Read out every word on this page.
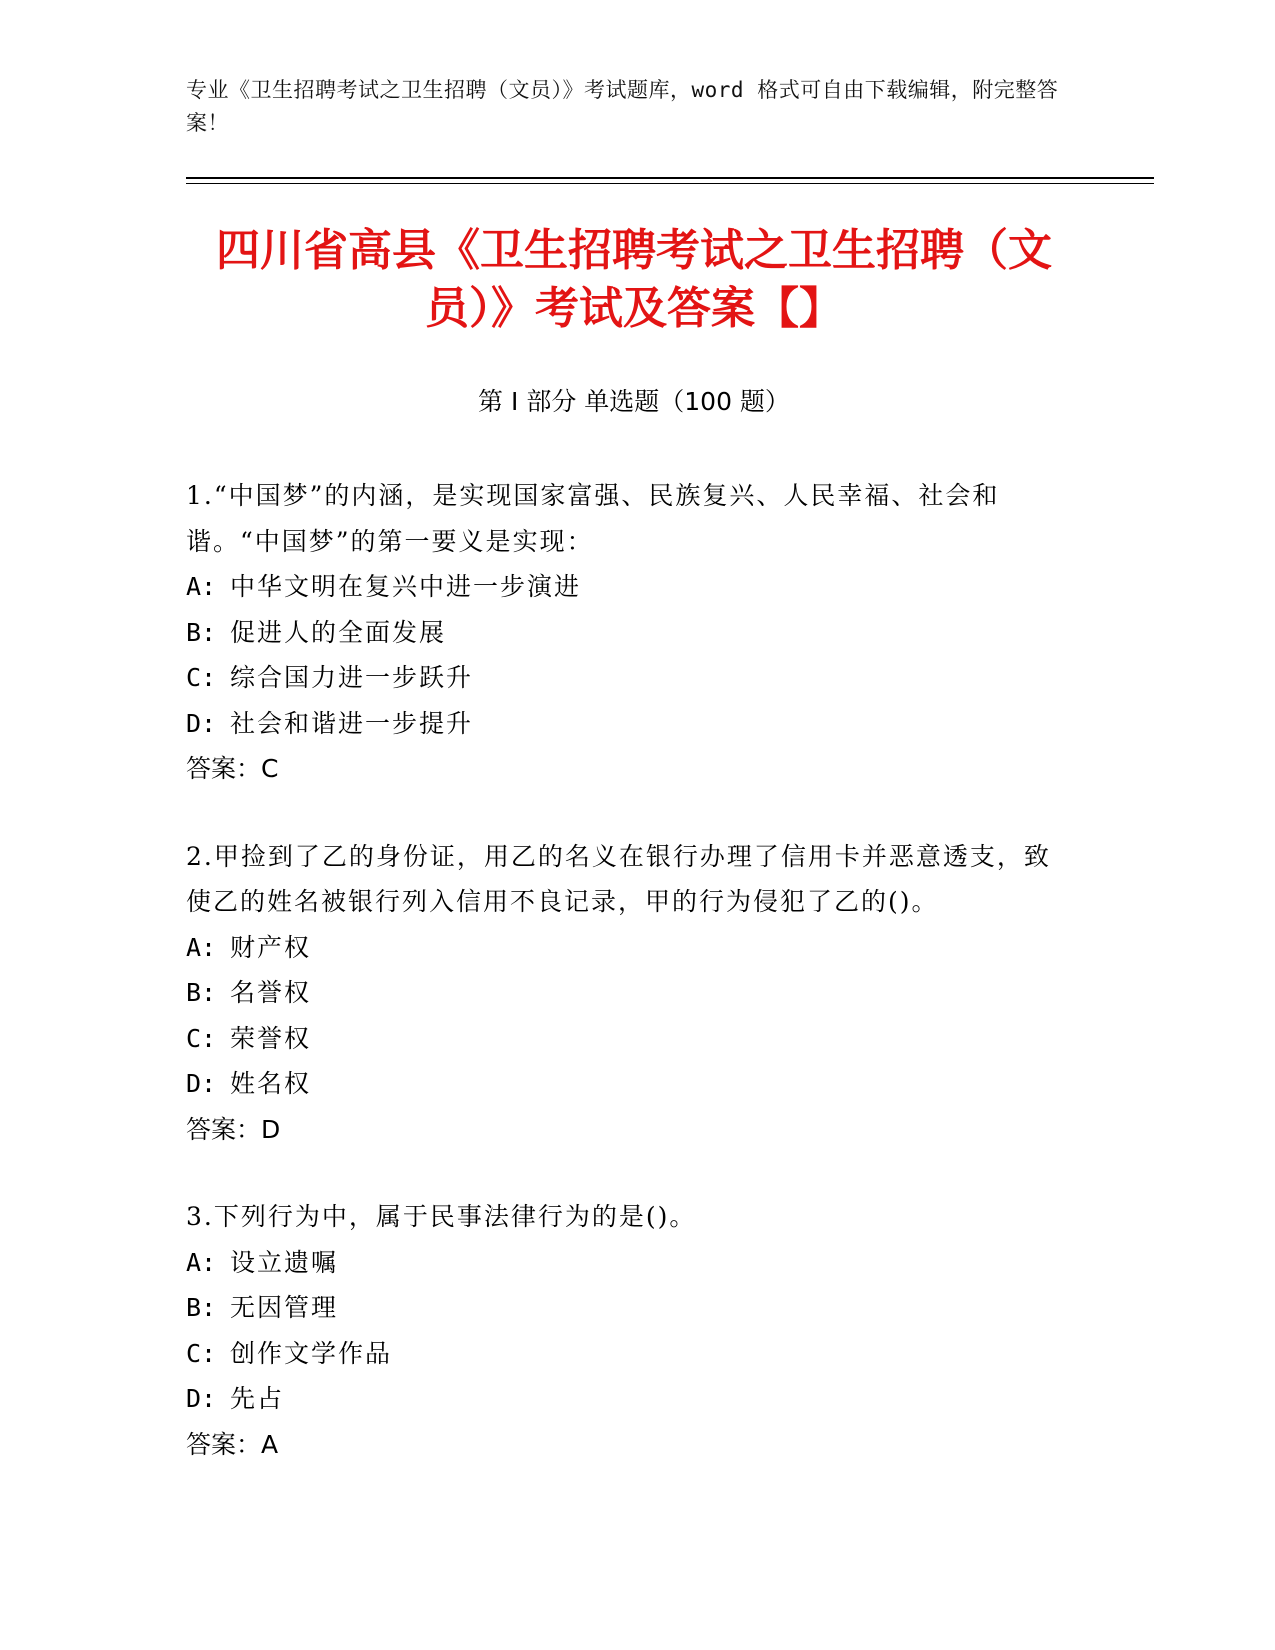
专业《卫生招聘考试之卫生招聘（文员）》考试题库，word 格式可自由下载编辑，附完整答案！
四川省高县《卫生招聘考试之卫生招聘（文员）》考试及答案【】
第 I 部分 单选题（100 题）
1.“中国梦”的内涵，是实现国家富强、民族复兴、人民幸福、社会和谐。“中国梦”的第一要义是实现：
A: 中华文明在复兴中进一步演进
B: 促进人的全面发展
C: 综合国力进一步跃升
D: 社会和谐进一步提升
答案：C
2.甲捡到了乙的身份证，用乙的名义在银行办理了信用卡并恶意透支，致使乙的姓名被银行列入信用不良记录，甲的行为侵犯了乙的()。
A: 财产权
B: 名誉权
C: 荣誉权
D: 姓名权
答案：D
3.下列行为中，属于民事法律行为的是()。
A: 设立遗嘱
B: 无因管理
C: 创作文学作品
D: 先占
答案：A
